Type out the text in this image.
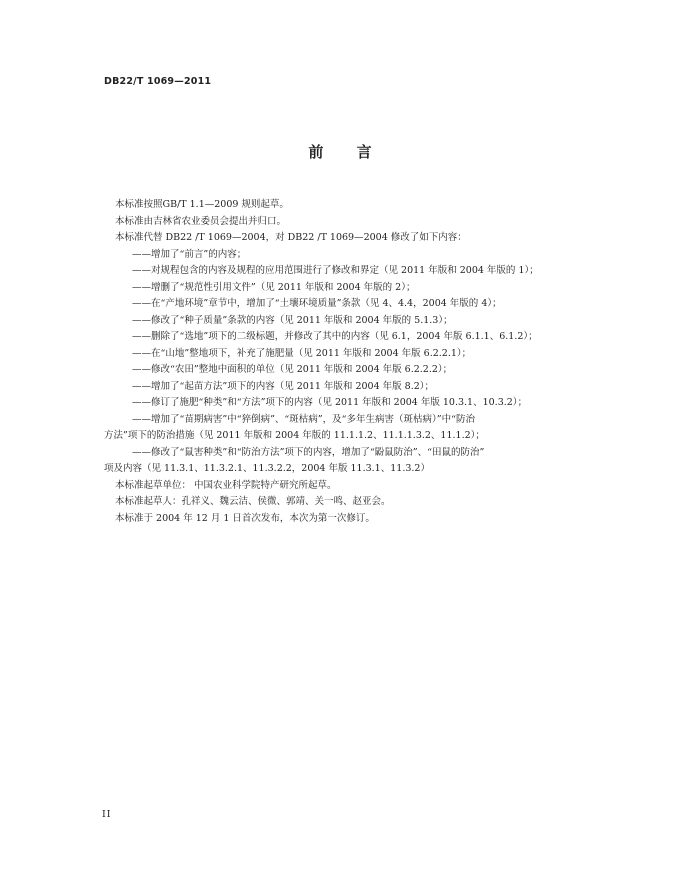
DB22/T 1069—2011
前 言
本标准按照GB/T 1.1—2009 规则起草。
本标准由吉林省农业委员会提出并归口。
本标准代替 DB22 /T 1069—2004，对 DB22 /T 1069—2004 修改了如下内容：
——增加了“前言”的内容；
——对规程包含的内容及规程的应用范围进行了修改和界定（见 2011 年版和 2004 年版的 1）；
——增删了“规范性引用文件”（见 2011 年版和 2004 年版的 2）；
——在“产地环境”章节中，增加了“土壤环境质量”条款（见 4、4.4，2004 年版的 4）；
——修改了“种子质量”条款的内容（见 2011 年版和 2004 年版的 5.1.3）；
——删除了“选地”项下的二级标题，并修改了其中的内容（见 6.1，2004 年版 6.1.1、6.1.2）；
——在“山地”整地项下，补充了施肥量（见 2011 年版和 2004 年版 6.2.2.1）；
——修改“农田”整地中面积的单位（见 2011 年版和 2004 年版 6.2.2.2）；
——增加了“起苗方法”项下的内容（见 2011 年版和 2004 年版 8.2）；
——修订了施肥“种类”和“方法”项下的内容（见 2011 年版和 2004 年版 10.3.1、10.3.2）；
——增加了“苗期病害”中“猝倒病”、“斑枯病”，及“多年生病害（斑枯病）”中“防治
方法”项下的防治措施（见 2011 年版和 2004 年版的 11.1.1.2、11.1.1.3.2、11.1.2）；
——修改了“鼠害种类”和“防治方法”项下的内容，增加了“鼢鼠防治”、“田鼠的防治”
项及内容（见 11.3.1、11.3.2.1、11.3.2.2，2004 年版 11.3.1、11.3.2）
本标准起草单位： 中国农业科学院特产研究所起草。
本标准起草人：孔祥义、魏云洁、侯微、郭靖、关一鸣、赵亚会。
本标准于 2004 年 12 月 1 日首次发布，本次为第一次修订。
II
